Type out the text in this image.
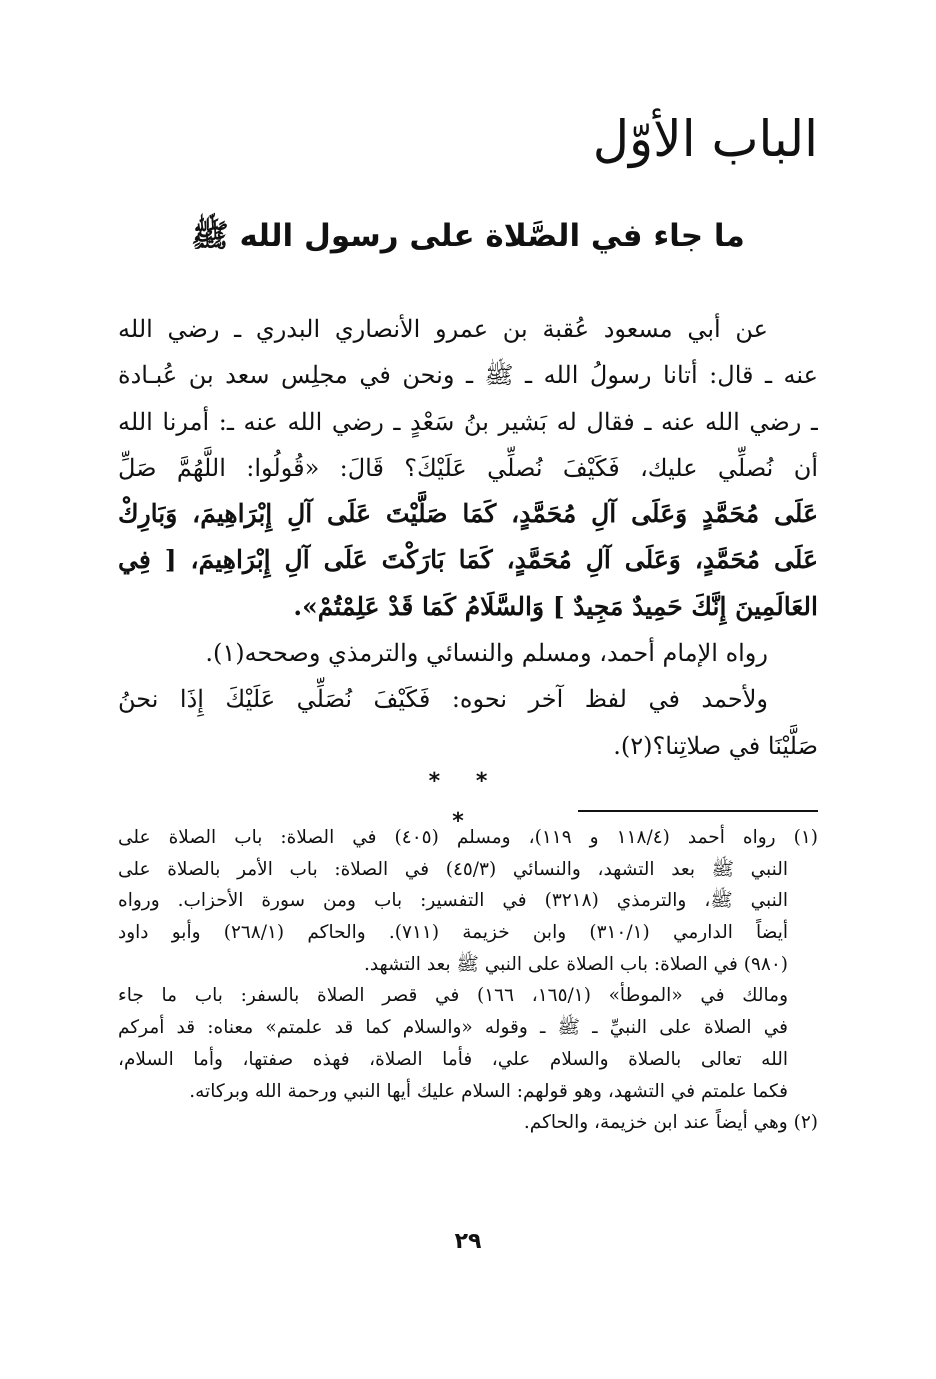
الباب الأوّل
ما جاء في الصَّلاة على رسول الله ﷺ
عن أبي مسعود عُقبة بن عمرو الأنصاري البدري ـ رضي الله
عنه ـ قال: أتانا رسولُ الله ـ ﷺ ـ ونحن في مجلِس سعد بن عُبـادة
ـ رضي الله عنه ـ فقال له بَشير بنُ سَعْدٍ ـ رضي الله عنه ـ: أمرنا الله
أن نُصلِّي عليك، فَكَيْفَ نُصلِّي عَلَيْكَ؟ قَالَ: «قُولُوا: اللَّهُمَّ صَلِّ
عَلَى مُحَمَّدٍ وَعَلَى آلِ مُحَمَّدٍ، كَمَا صَلَّيْتَ عَلَى آلِ إِبْرَاهِيمَ، وَبَارِكْ
عَلَى مُحَمَّدٍ، وَعَلَى آلِ مُحَمَّدٍ، كَمَا بَارَكْتَ عَلَى آلِ إِبْرَاهِيمَ، [ فِي
العَالَمِينَ إِنَّكَ حَمِيدٌ مَجِيدٌ ] وَالسَّلَامُ كَمَا قَدْ عَلِمْتُمْ».
رواه الإمام أحمد، ومسلم والنسائي والترمذي وصححه(١).
ولأحمد في لفظ آخر نحوه: فَكَيْفَ نُصَلِّي عَلَيْكَ إِذَا نحنُ
صَلَّيْنَا في صلاتِنا؟(٢).
* * *
(١) رواه أحمد (١١٨/٤ و ١١٩)، ومسلم (٤٠٥) في الصلاة: باب الصلاة على
النبي ﷺ بعد التشهد، والنسائي (٤٥/٣) في الصلاة: باب الأمر بالصلاة على
النبي ﷺ، والترمذي (٣٢١٨) في التفسير: باب ومن سورة الأحزاب. ورواه
أيضاً الدارمي (٣١٠/١) وابن خزيمة (٧١١). والحاكم (٢٦٨/١) وأبو داود
(٩٨٠) في الصلاة: باب الصلاة على النبي ﷺ بعد التشهد.
ومالك في «الموطأ» (١٦٥/١، ١٦٦) في قصر الصلاة بالسفر: باب ما جاء
في الصلاة على النبيِّ ـ ﷺ ـ وقوله «والسلام كما قد علمتم» معناه: قد أمركم
الله تعالى بالصلاة والسلام علي، فأما الصلاة، فهذه صفتها، وأما السلام،
فكما علمتم في التشهد، وهو قولهم: السلام عليك أيها النبي ورحمة الله وبركاته.
(٢) وهي أيضاً عند ابن خزيمة، والحاكم.
٢٩
